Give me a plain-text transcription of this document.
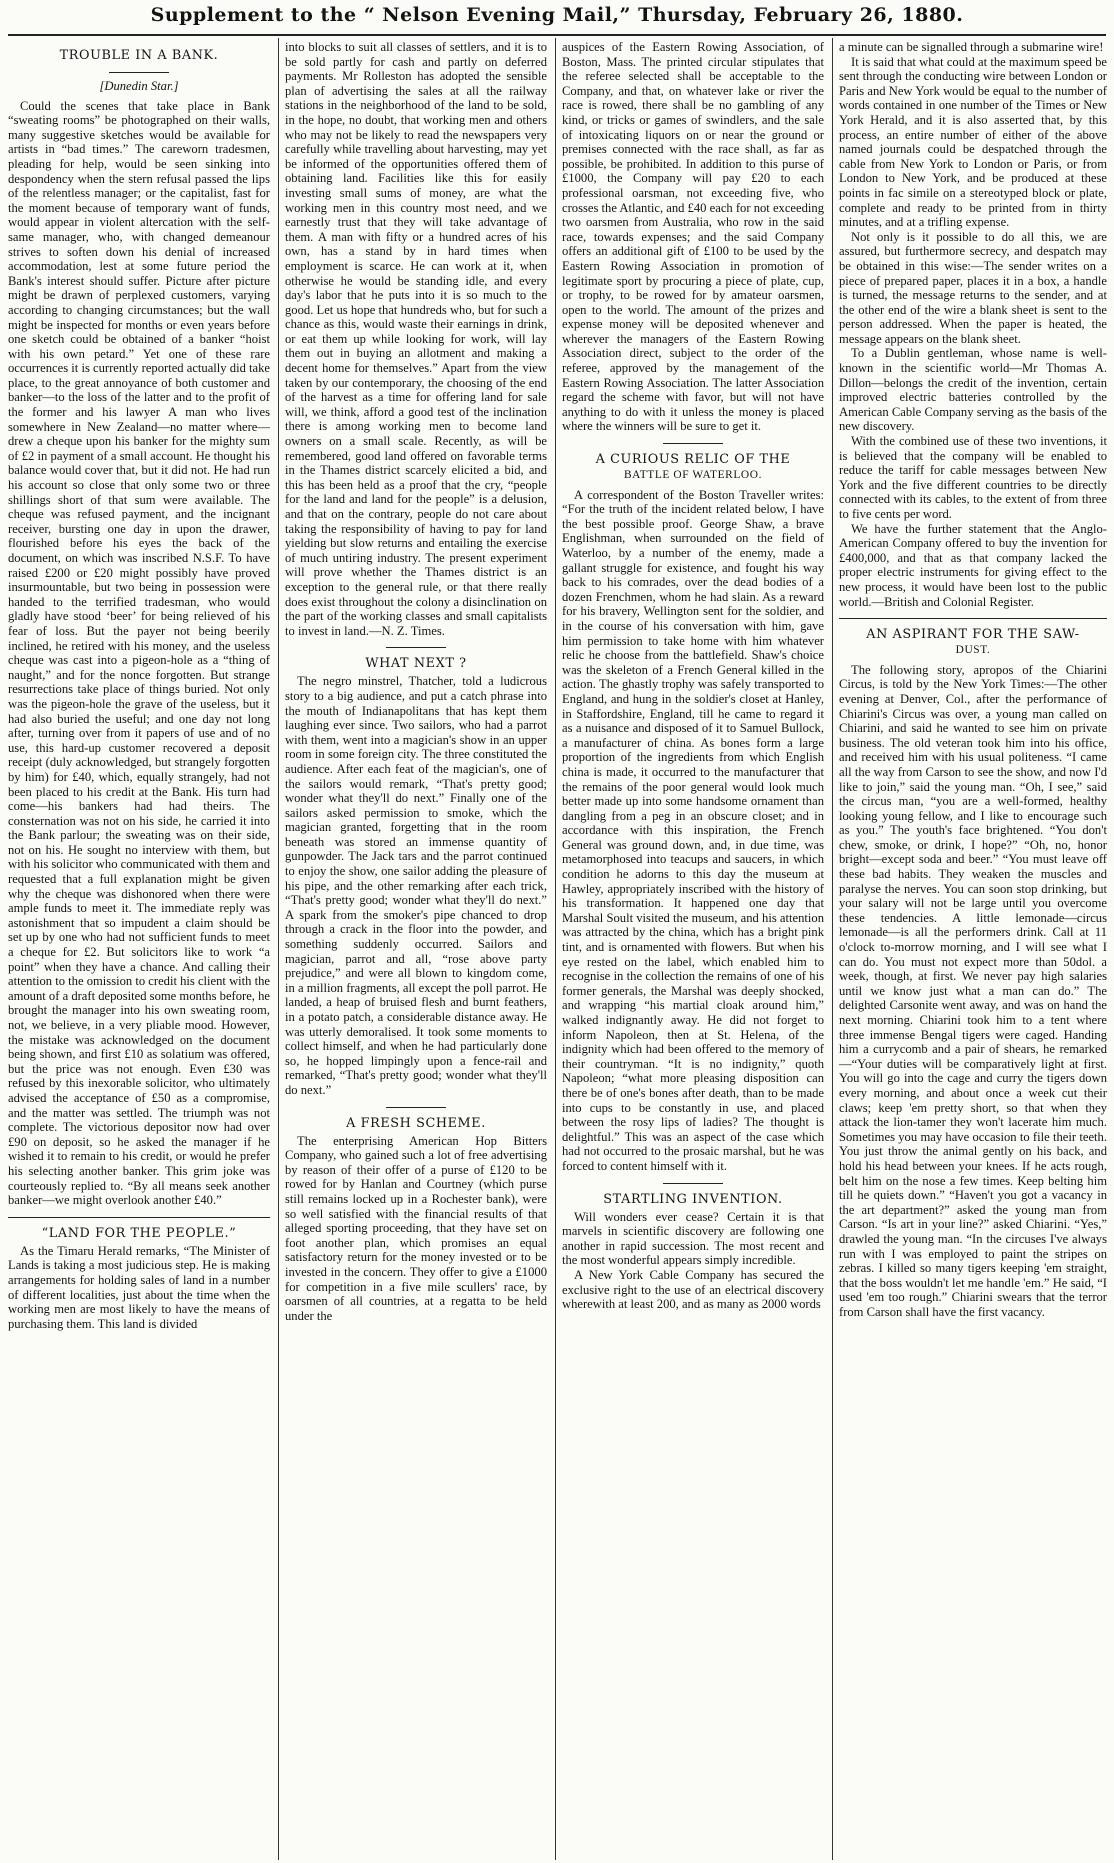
Supplement to the “ Nelson Evening Mail,” Thursday, February 26, 1880.
TROUBLE IN A BANK.
[Dunedin Star.]

Could the scenes that take place in Bank “sweating rooms” be photographed on their walls, many suggestive sketches would be available for artists in “bad times.” The careworn tradesmen, pleading for help, would be seen sinking into despondency when the stern refusal passed the lips of the relentless manager; or the capitalist, fast for the moment because of temporary want of funds, would appear in violent altercation with the self-same manager, who, with changed demeanour strives to soften down his denial of increased accommodation, lest at some future period the Bank's interest should suffer. Picture after picture might be drawn of perplexed customers, varying according to changing circumstances; but the wall might be inspected for months or even years before one sketch could be obtained of a banker “hoist with his own petard.” Yet one of these rare occurrences it is currently reported actually did take place, to the great annoyance of both customer and banker—to the loss of the latter and to the profit of the former and his lawyer A man who lives somewhere in New Zealand—no matter where—drew a cheque upon his banker for the mighty sum of £2 in payment of a small account. He thought his balance would cover that, but it did not. He had run his account so close that only some two or three shillings short of that sum were available. The cheque was refused payment, and the incignant receiver, bursting one day in upon the drawer, flourished before his eyes the back of the document, on which was inscribed N.S.F. To have raised £200 or £20 might possibly have proved insurmountable, but two being in possession were handed to the terrified tradesman, who would gladly have stood ‘beer’ for being relieved of his fear of loss. But the payer not being beerily inclined, he retired with his money, and the useless cheque was cast into a pigeon-hole as a “thing of naught,” and for the nonce forgotten. But strange resurrections take place of things buried. Not only was the pigeon-hole the grave of the useless, but it had also buried the useful; and one day not long after, turning over from it papers of use and of no use, this hard-up customer recovered a deposit receipt (duly acknowledged, but strangely forgotten by him) for £40, which, equally strangely, had not been placed to his credit at the Bank. His turn had come—his bankers had had theirs. The consternation was not on his side, he carried it into the Bank parlour; the sweating was on their side, not on his. He sought no interview with them, but with his solicitor who communicated with them and requested that a full explanation might be given why the cheque was dishonored when there were ample funds to meet it. The immediate reply was astonishment that so impudent a claim should be set up by one who had not sufficient funds to meet a cheque for £2. But solicitors like to work “a point” when they have a chance. And calling their attention to the omission to credit his client with the amount of a draft deposited some months before, he brought the manager into his own sweating room, not, we believe, in a very pliable mood. However, the mistake was acknowledged on the document being shown, and first £10 as solatium was offered, but the price was not enough. Even £30 was refused by this inexorable solicitor, who ultimately advised the acceptance of £50 as a compromise, and the matter was settled. The triumph was not complete. The victorious depositor now had over £90 on deposit, so he asked the manager if he wished it to remain to his credit, or would he prefer his selecting another banker. This grim joke was courteously replied to. “By all means seek another banker—we might overlook another £40.”

“LAND FOR THE PEOPLE.”

As the Timaru Herald remarks, “The Minister of Lands is taking a most judicious step. He is making arrangements for holding sales of land in a number of different localities, just about the time when the working men are most likely to have the means of purchasing them. This land is divided

into blocks to suit all classes of settlers, and it is to be sold partly for cash and partly on deferred payments. Mr Rolleston has adopted the sensible plan of advertising the sales at all the railway stations in the neighborhood of the land to be sold, in the hope, no doubt, that working men and others who may not be likely to read the newspapers very carefully while travelling about harvesting, may yet be informed of the opportunities offered them of obtaining land. Facilities like this for easily investing small sums of money, are what the working men in this country most need, and we earnestly trust that they will take advantage of them. A man with fifty or a hundred acres of his own, has a stand by in hard times when employment is scarce. He can work at it, when otherwise he would be standing idle, and every day's labor that he puts into it is so much to the good. Let us hope that hundreds who, but for such a chance as this, would waste their earnings in drink, or eat them up while looking for work, will lay them out in buying an allotment and making a decent home for themselves.” Apart from the view taken by our contemporary, the choosing of the end of the harvest as a time for offering land for sale will, we think, afford a good test of the inclination there is among working men to become land owners on a small scale. Recently, as will be remembered, good land offered on favorable terms in the Thames district scarcely elicited a bid, and this has been held as a proof that the cry, “people for the land and land for the people” is a delusion, and that on the contrary, people do not care about taking the responsibility of having to pay for land yielding but slow returns and entailing the exercise of much untiring industry. The present experiment will prove whether the Thames district is an exception to the general rule, or that there really does exist throughout the colony a disinclination on the part of the working classes and small capitalists to invest in land.—N. Z. Times.

WHAT NEXT ?

The negro minstrel, Thatcher, told a ludicrous story to a big audience, and put a catch phrase into the mouth of Indianapolitans that has kept them laughing ever since. Two sailors, who had a parrot with them, went into a magician's show in an upper room in some foreign city. The three constituted the audience. After each feat of the magician's, one of the sailors would remark, “That's pretty good; wonder what they'll do next.” Finally one of the sailors asked permission to smoke, which the magician granted, forgetting that in the room beneath was stored an immense quantity of gunpowder. The Jack tars and the parrot continued to enjoy the show, one sailor adding the pleasure of his pipe, and the other remarking after each trick, “That's pretty good; wonder what they'll do next.” A spark from the smoker's pipe chanced to drop through a crack in the floor into the powder, and something suddenly occurred. Sailors and magician, parrot and all, “rose above party prejudice,” and were all blown to kingdom come, in a million fragments, all except the poll parrot. He landed, a heap of bruised flesh and burnt feathers, in a potato patch, a considerable distance away. He was utterly demoralised. It took some moments to collect himself, and when he had particularly done so, he hopped limpingly upon a fence-rail and remarked, “That's pretty good; wonder what they'll do next.”

A FRESH SCHEME.

The enterprising American Hop Bitters Company, who gained such a lot of free advertising by reason of their offer of a purse of £120 to be rowed for by Hanlan and Courtney (which purse still remains locked up in a Rochester bank), were so well satisfied with the financial results of that alleged sporting proceeding, that they have set on foot another plan, which promises an equal satisfactory return for the money invested or to be invested in the concern. They offer to give a £1000 for competition in a five mile scullers' race, by oarsmen of all countries, at a regatta to be held under the

auspices of the Eastern Rowing Association, of Boston, Mass. The printed circular stipulates that the referee selected shall be acceptable to the Company, and that, on whatever lake or river the race is rowed, there shall be no gambling of any kind, or tricks or games of swindlers, and the sale of intoxicating liquors on or near the ground or premises connected with the race shall, as far as possible, be prohibited. In addition to this purse of £1000, the Company will pay £20 to each professional oarsman, not exceeding five, who crosses the Atlantic, and £40 each for not exceeding two oarsmen from Australia, who row in the said race, towards expenses; and the said Company offers an additional gift of £100 to be used by the Eastern Rowing Association in promotion of legitimate sport by procuring a piece of plate, cup, or trophy, to be rowed for by amateur oarsmen, open to the world. The amount of the prizes and expense money will be deposited whenever and wherever the managers of the Eastern Rowing Association direct, subject to the order of the referee, approved by the management of the Eastern Rowing Association. The latter Association regard the scheme with favor, but will not have anything to do with it unless the money is placed where the winners will be sure to get it.

A CURIOUS RELIC OF THE
BATTLE OF WATERLOO.

A correspondent of the Boston Traveller writes: “For the truth of the incident related below, I have the best possible proof. George Shaw, a brave Englishman, when surrounded on the field of Waterloo, by a number of the enemy, made a gallant struggle for existence, and fought his way back to his comrades, over the dead bodies of a dozen Frenchmen, whom he had slain. As a reward for his bravery, Wellington sent for the soldier, and in the course of his conversation with him, gave him permission to take home with him whatever relic he choose from the battlefield. Shaw's choice was the skeleton of a French General killed in the action. The ghastly trophy was safely transported to England, and hung in the soldier's closet at Hanley, in Staffordshire, England, till he came to regard it as a nuisance and disposed of it to Samuel Bullock, a manufacturer of china. As bones form a large proportion of the ingredients from which English china is made, it occurred to the manufacturer that the remains of the poor general would look much better made up into some handsome ornament than dangling from a peg in an obscure closet; and in accordance with this inspiration, the French General was ground down, and, in due time, was metamorphosed into teacups and saucers, in which condition he adorns to this day the museum at Hawley, appropriately inscribed with the history of his transformation. It happened one day that Marshal Soult visited the museum, and his attention was attracted by the china, which has a bright pink tint, and is ornamented with flowers. But when his eye rested on the label, which enabled him to recognise in the collection the remains of one of his former generals, the Marshal was deeply shocked, and wrapping “his martial cloak around him,” walked indignantly away. He did not forget to inform Napoleon, then at St. Helena, of the indignity which had been offered to the memory of their countryman. “It is no indignity,” quoth Napoleon; “what more pleasing disposition can there be of one's bones after death, than to be made into cups to be constantly in use, and placed between the rosy lips of ladies? The thought is delightful.” This was an aspect of the case which had not occurred to the prosaic marshal, but he was forced to content himself with it.

STARTLING INVENTION.

Will wonders ever cease? Certain it is that marvels in scientific discovery are following one another in rapid succession. The most recent and the most wonderful appears simply incredible.

A New York Cable Company has secured the exclusive right to the use of an electrical discovery wherewith at least 200, and as many as 2000 words

a minute can be signalled through a submarine wire!

It is said that what could at the maximum speed be sent through the conducting wire between London or Paris and New York would be equal to the number of words contained in one number of the Times or New York Herald, and it is also asserted that, by this process, an entire number of either of the above named journals could be despatched through the cable from New York to London or Paris, or from London to New York, and be produced at these points in fac simile on a stereotyped block or plate, complete and ready to be printed from in thirty minutes, and at a trifling expense.

Not only is it possible to do all this, we are assured, but furthermore secrecy, and despatch may be obtained in this wise:—The sender writes on a piece of prepared paper, places it in a box, a handle is turned, the message returns to the sender, and at the other end of the wire a blank sheet is sent to the person addressed. When the paper is heated, the message appears on the blank sheet.

To a Dublin gentleman, whose name is well-known in the scientific world—Mr Thomas A. Dillon—belongs the credit of the invention, certain improved electric batteries controlled by the American Cable Company serving as the basis of the new discovery.

With the combined use of these two inventions, it is believed that the company will be enabled to reduce the tariff for cable messages between New York and the five different countries to be directly connected with its cables, to the extent of from three to five cents per word.

We have the further statement that the Anglo-American Company offered to buy the invention for £400,000, and that as that company lacked the proper electric instruments for giving effect to the new process, it would have been lost to the public world.—British and Colonial Register.

AN ASPIRANT FOR THE SAW-
DUST.

The following story, apropos of the Chiarini Circus, is told by the New York Times:—The other evening at Denver, Col., after the performance of Chiarini's Circus was over, a young man called on Chiarini, and said he wanted to see him on private business. The old veteran took him into his office, and received him with his usual politeness. “I came all the way from Carson to see the show, and now I'd like to join,” said the young man. “Oh, I see,” said the circus man, “you are a well-formed, healthy looking young fellow, and I like to encourage such as you.” The youth's face brightened. “You don't chew, smoke, or drink, I hope?” “Oh, no, honor bright—except soda and beer.” “You must leave off these bad habits. They weaken the muscles and paralyse the nerves. You can soon stop drinking, but your salary will not be large until you overcome these tendencies. A little lemonade—circus lemonade—is all the performers drink. Call at 11 o'clock to-morrow morning, and I will see what I can do. You must not expect more than 50dol. a week, though, at first. We never pay high salaries until we know just what a man can do.” The delighted Carsonite went away, and was on hand the next morning. Chiarini took him to a tent where three immense Bengal tigers were caged. Handing him a currycomb and a pair of shears, he remarked—“Your duties will be comparatively light at first. You will go into the cage and curry the tigers down every morning, and about once a week cut their claws; keep 'em pretty short, so that when they attack the lion-tamer they won't lacerate him much. Sometimes you may have occasion to file their teeth. You just throw the animal gently on his back, and hold his head between your knees. If he acts rough, belt him on the nose a few times. Keep belting him till he quiets down.” “Haven't you got a vacancy in the art department?” asked the young man from Carson. “Is art in your line?” asked Chiarini. “Yes,” drawled the young man. “In the circuses I've always run with I was employed to paint the stripes on zebras. I killed so many tigers keeping 'em straight, that the boss wouldn't let me handle 'em.” He said, “I used 'em too rough.” Chiarini swears that the terror from Carson shall have the first vacancy.
